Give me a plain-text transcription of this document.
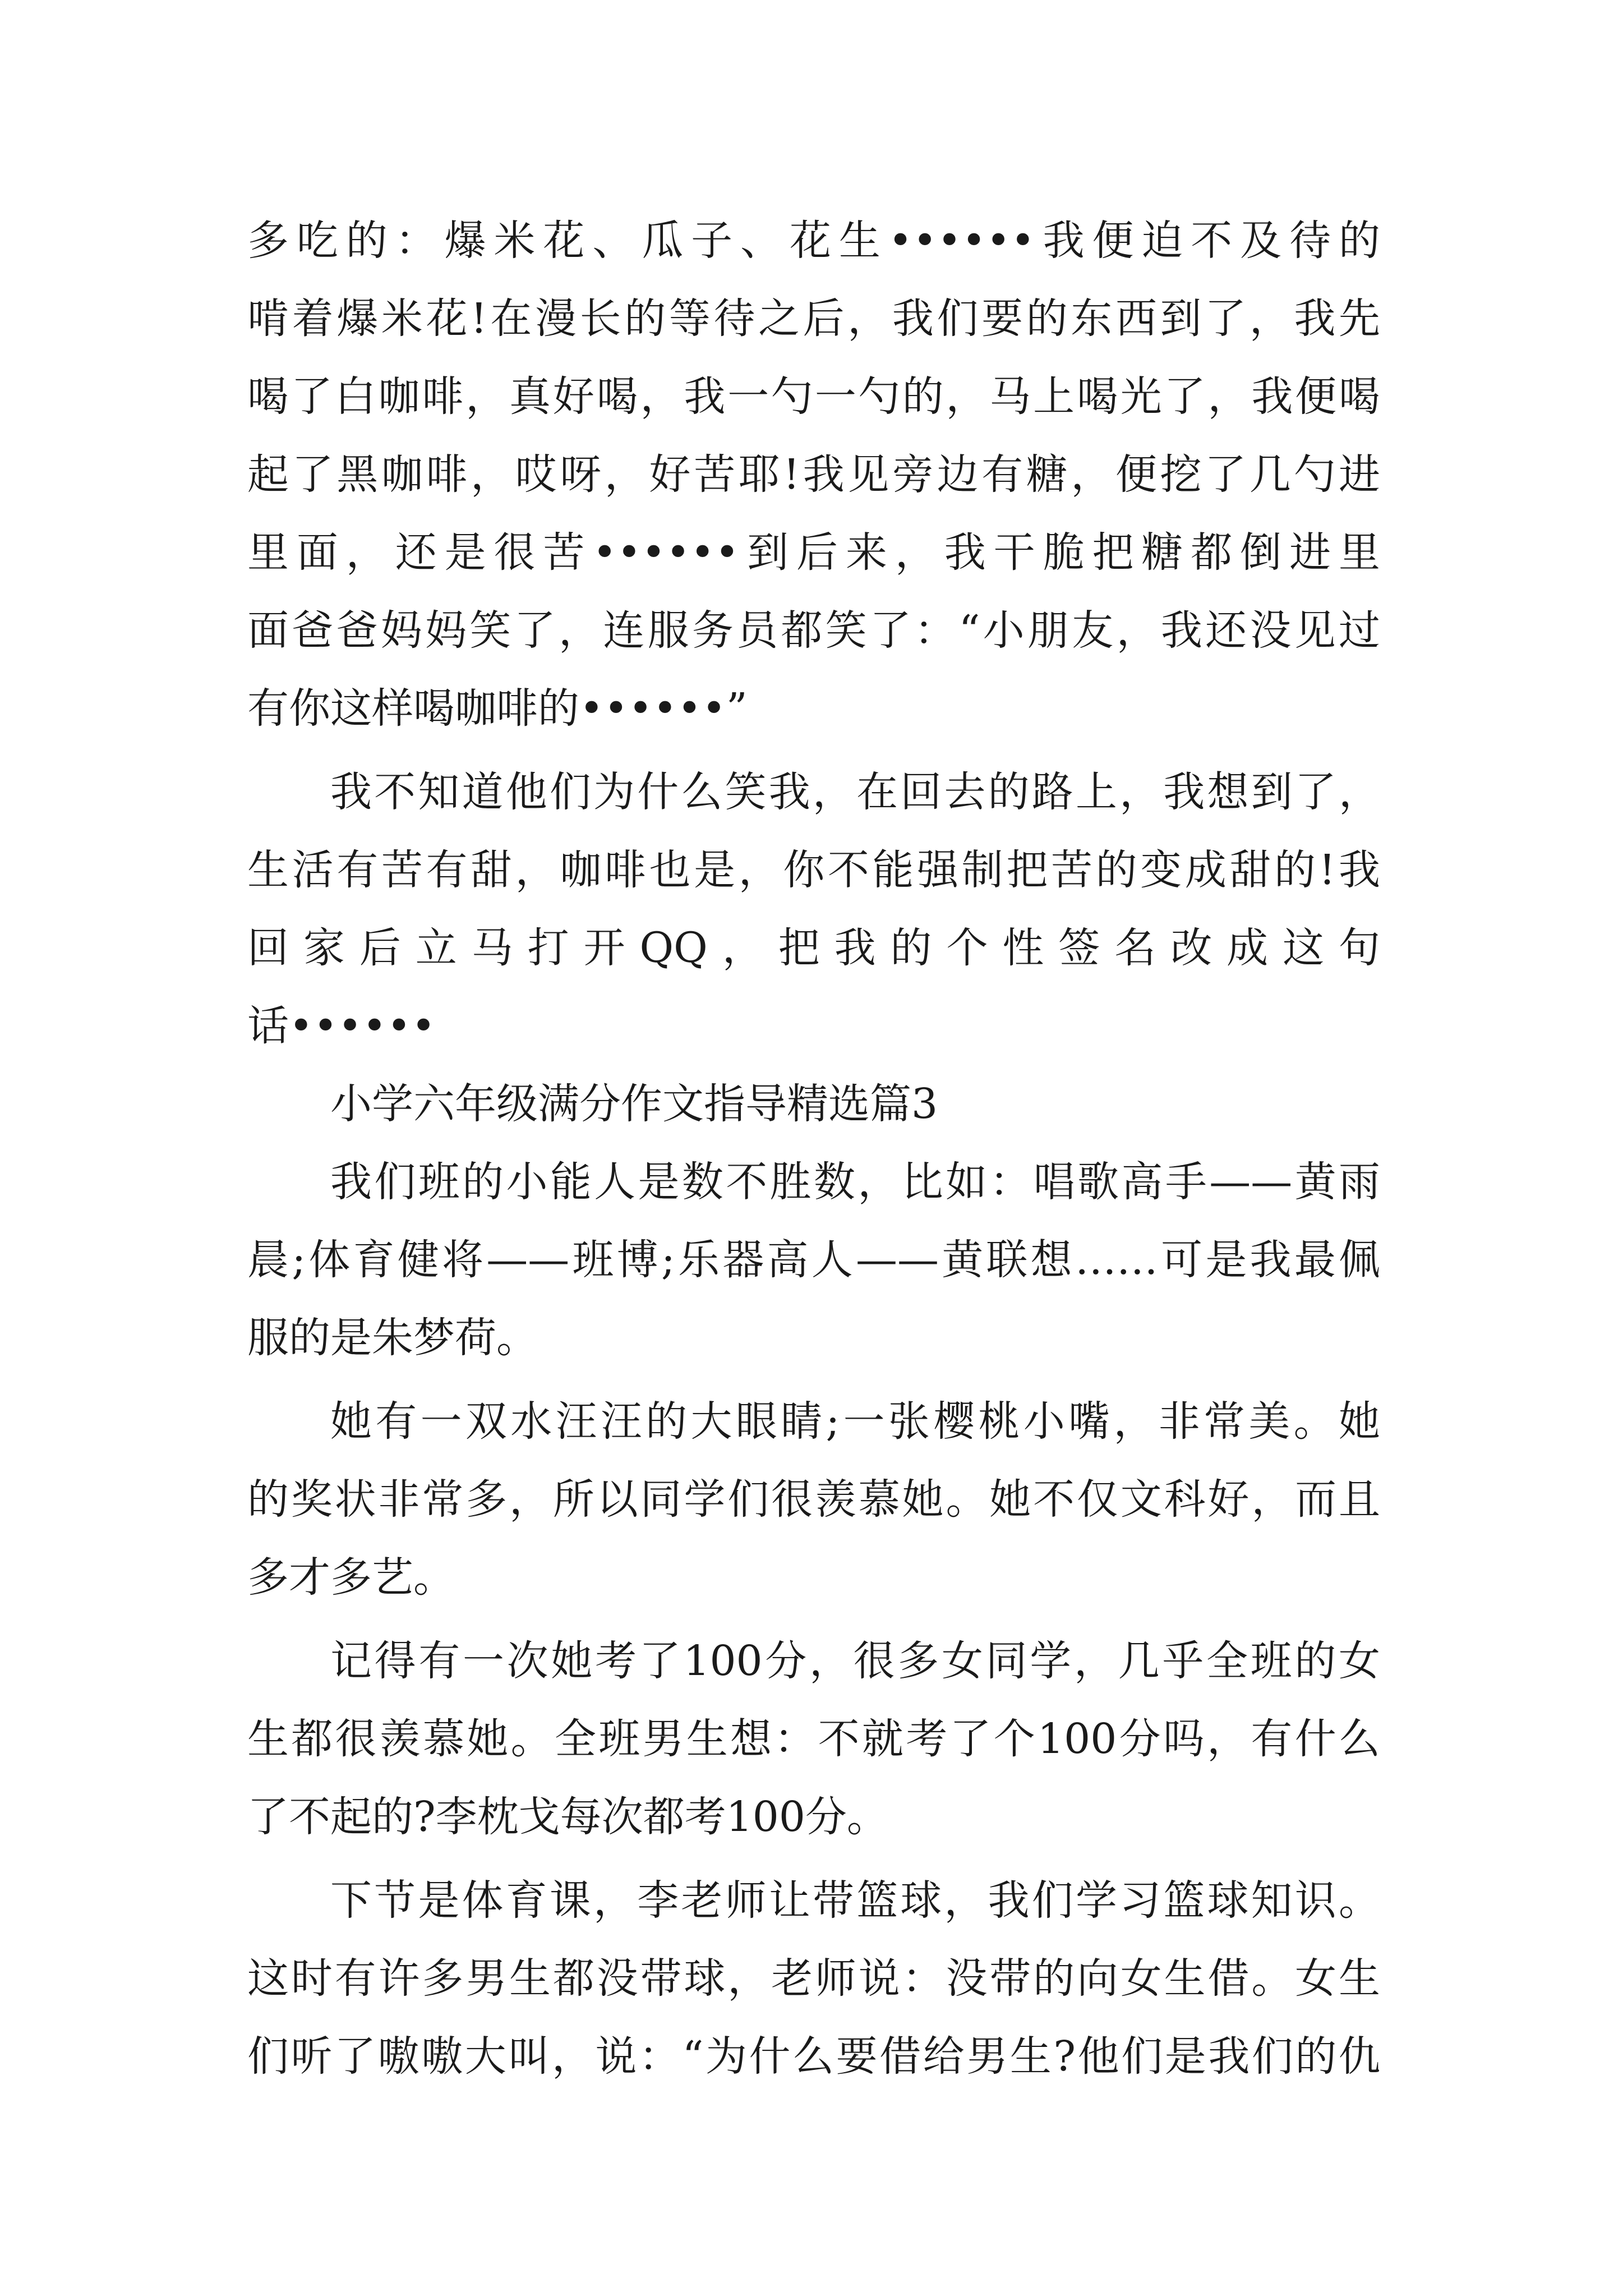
多吃的：爆米花、瓜子、花生••••••我便迫不及待的

啃着爆米花!在漫长的等待之后，我们要的东西到了，我先

喝了白咖啡，真好喝，我一勺一勺的，马上喝光了，我便喝

起了黑咖啡，哎呀，好苦耶!我见旁边有糖，便挖了几勺进

里面，还是很苦••••••到后来，我干脆把糖都倒进里

面爸爸妈妈笑了，连服务员都笑了：“小朋友，我还没见过

有你这样喝咖啡的••••••”

我不知道他们为什么笑我，在回去的路上，我想到了，

生活有苦有甜，咖啡也是，你不能强制把苦的变成甜的!我

回家后立马打开QQ，把我的个性签名改成这句

话••••••

小学六年级满分作文指导精选篇3

我们班的小能人是数不胜数，比如：唱歌高手——黄雨

晨;体育健将——班博;乐器高人——黄联想……可是我最佩

服的是朱梦荷。

她有一双水汪汪的大眼睛;一张樱桃小嘴，非常美。她

的奖状非常多，所以同学们很羡慕她。她不仅文科好，而且

多才多艺。

记得有一次她考了100分，很多女同学，几乎全班的女

生都很羡慕她。全班男生想：不就考了个100分吗，有什么

了不起的?李枕戈每次都考100分。

下节是体育课，李老师让带篮球，我们学习篮球知识。

这时有许多男生都没带球，老师说：没带的向女生借。女生

们听了嗷嗷大叫，说：“为什么要借给男生?他们是我们的仇
